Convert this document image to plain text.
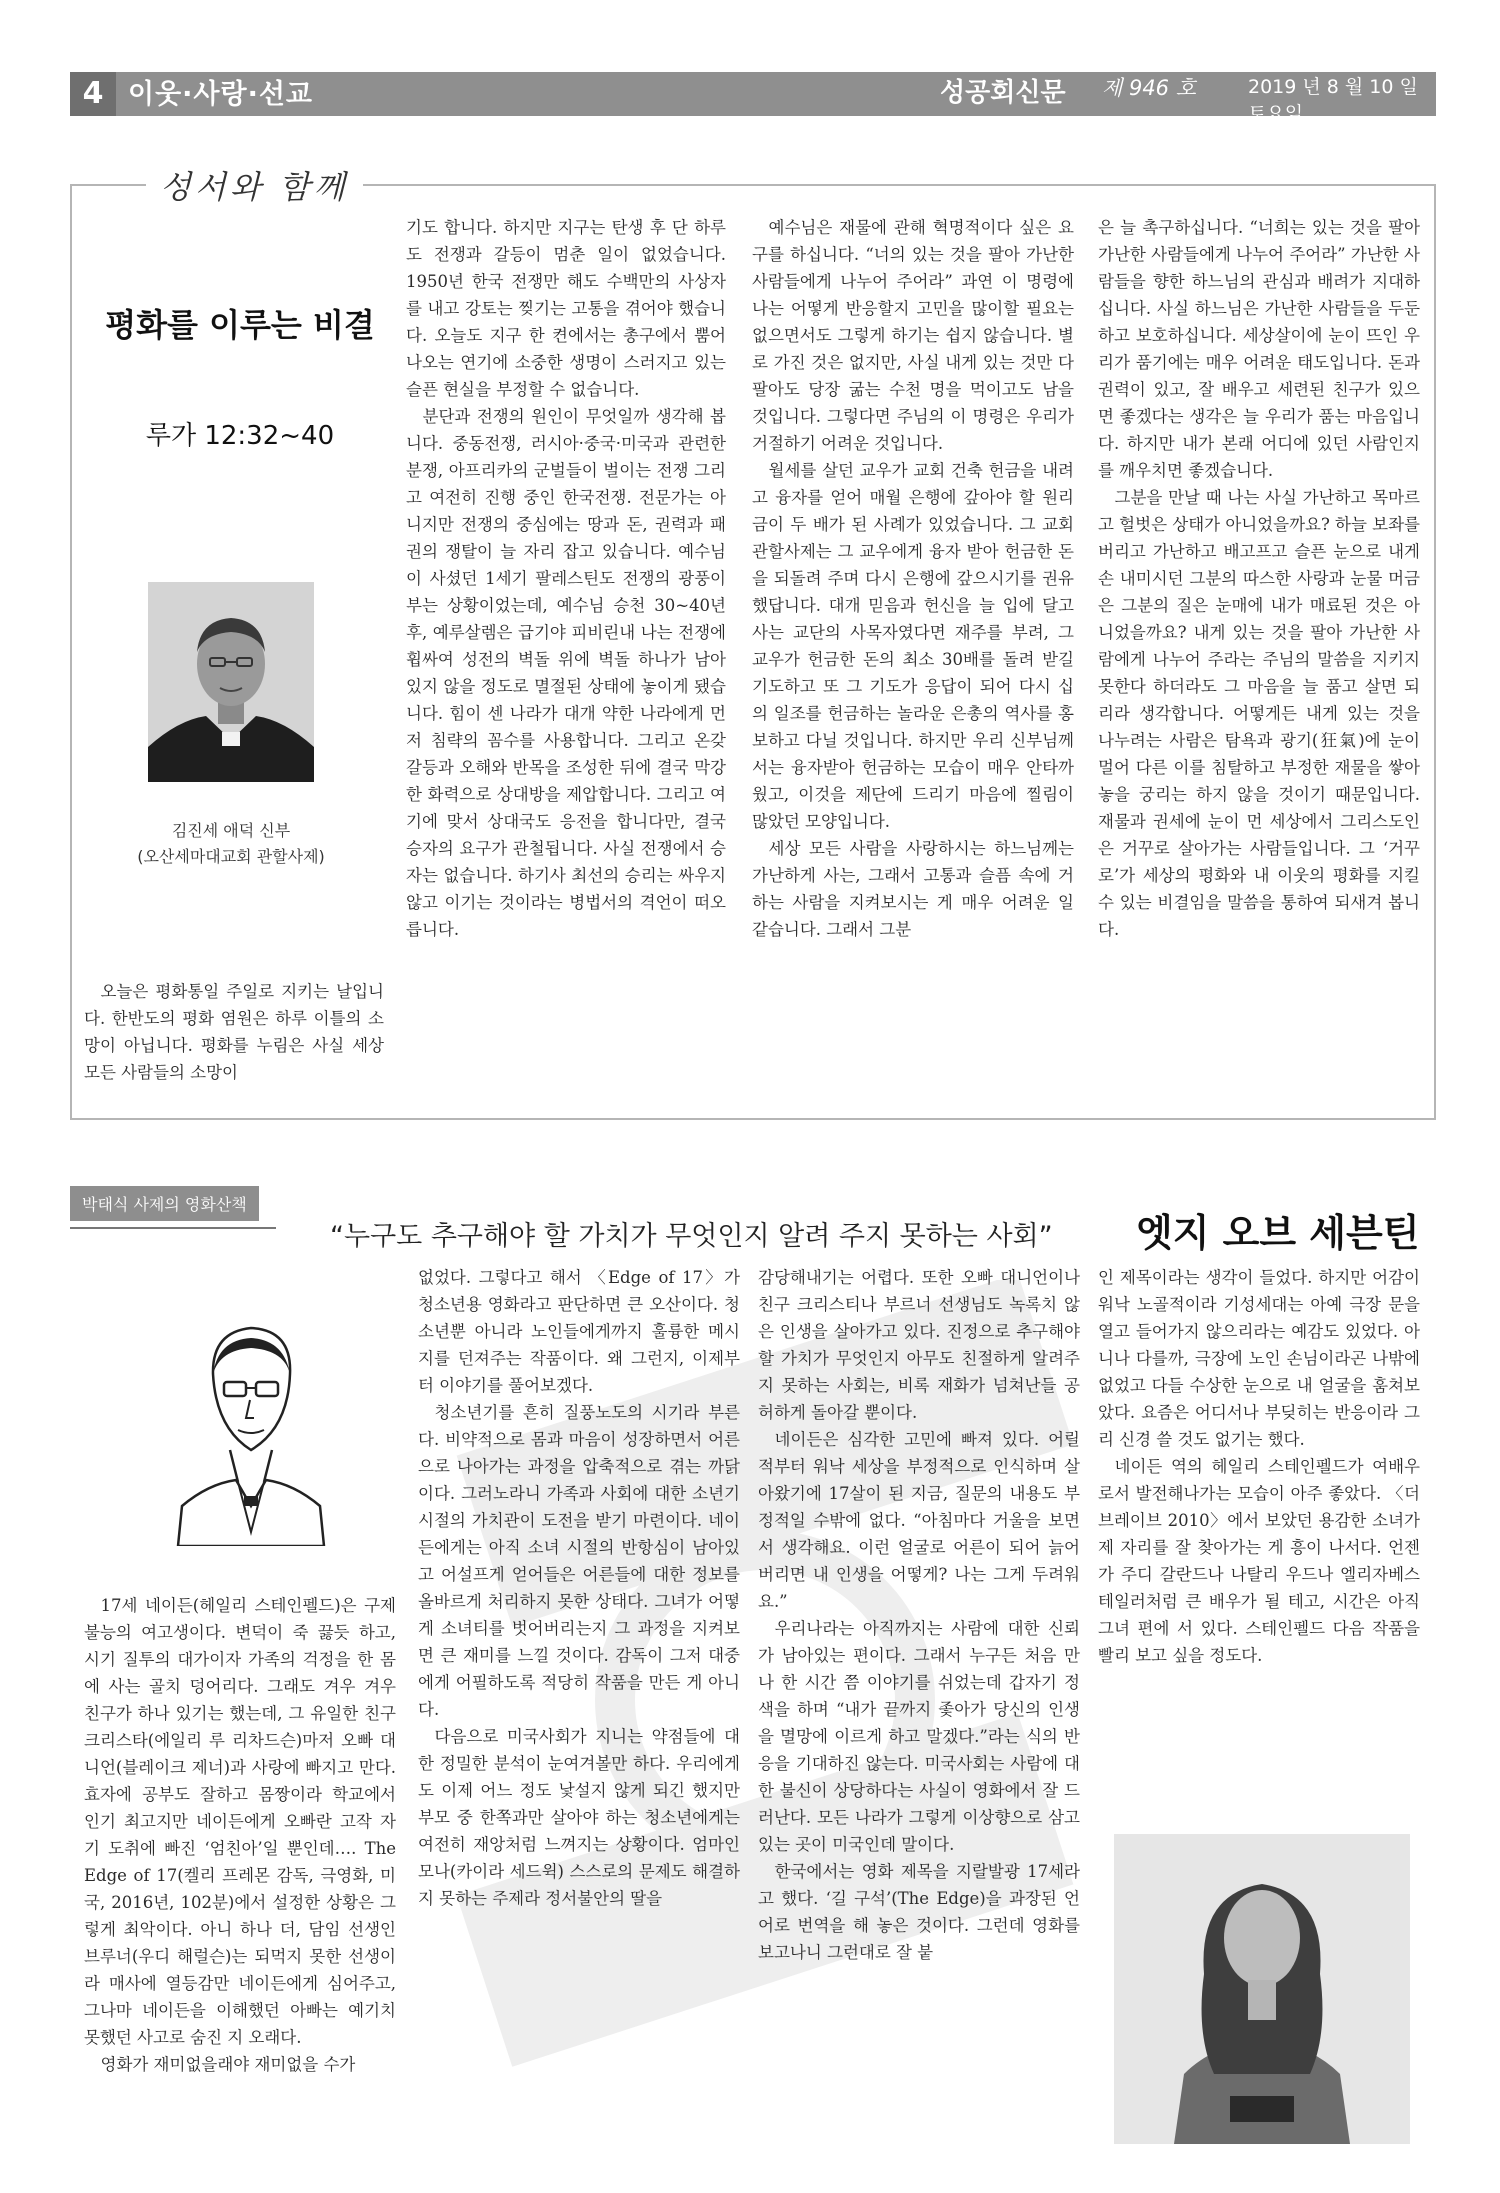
4 이웃·사랑·선교	성공회신문 제 946 호	2019 년 8 월 10 일 토요일
성서와 함께
평화를 이루는 비결
루가 12:32~40
김진세 애덕 신부
(오산세마대교회 관할사제)

오늘은 평화통일 주일로 지키는 날입니다. 한반도의 평화 염원은 하루 이틀의 소망이 아닙니다. 평화를 누림은 사실 세상 모든 사람들의 소망이

기도 합니다. 하지만 지구는 탄생 후 단 하루도 전쟁과 갈등이 멈춘 일이 없었습니다. 1950년 한국 전쟁만 해도 수백만의 사상자를 내고 강토는 찢기는 고통을 겪어야 했습니다. 오늘도 지구 한 켠에서는 총구에서 뿜어나오는 연기에 소중한 생명이 스러지고 있는 슬픈 현실을 부정할 수 없습니다.

분단과 전쟁의 원인이 무엇일까 생각해 봅니다. 중동전쟁, 러시아·중국·미국과 관련한 분쟁, 아프리카의 군벌들이 벌이는 전쟁 그리고 여전히 진행 중인 한국전쟁. 전문가는 아니지만 전쟁의 중심에는 땅과 돈, 권력과 패권의 쟁탈이 늘 자리 잡고 있습니다. 예수님이 사셨던 1세기 팔레스틴도 전쟁의 광풍이 부는 상황이었는데, 예수님 승천 30~40년 후, 예루살렘은 급기야 피비린내 나는 전쟁에 휩싸여 성전의 벽돌 위에 벽돌 하나가 남아 있지 않을 정도로 멸절된 상태에 놓이게 됐습니다. 힘이 센 나라가 대개 약한 나라에게 먼저 침략의 꼼수를 사용합니다. 그리고 온갖 갈등과 오해와 반목을 조성한 뒤에 결국 막강한 화력으로 상대방을 제압합니다. 그리고 여기에 맞서 상대국도 응전을 합니다만, 결국 승자의 요구가 관철됩니다. 사실 전쟁에서 승자는 없습니다. 하기사 최선의 승리는 싸우지 않고 이기는 것이라는 병법서의 격언이 떠오릅니다.

예수님은 재물에 관해 혁명적이다 싶은 요구를 하십니다. “너의 있는 것을 팔아 가난한 사람들에게 나누어 주어라” 과연 이 명령에 나는 어떻게 반응할지 고민을 많이할 필요는 없으면서도 그렇게 하기는 쉽지 않습니다. 별로 가진 것은 없지만, 사실 내게 있는 것만 다 팔아도 당장 굶는 수천 명을 먹이고도 남을 것입니다. 그렇다면 주님의 이 명령은 우리가 거절하기 어려운 것입니다.

월세를 살던 교우가 교회 건축 헌금을 내려고 융자를 얻어 매월 은행에 갚아야 할 원리금이 두 배가 된 사례가 있었습니다. 그 교회 관할사제는 그 교우에게 융자 받아 헌금한 돈을 되돌려 주며 다시 은행에 갚으시기를 권유했답니다. 대개 믿음과 헌신을 늘 입에 달고 사는 교단의 사목자였다면 재주를 부려, 그 교우가 헌금한 돈의 최소 30배를 돌려 받길 기도하고 또 그 기도가 응답이 되어 다시 십의 일조를 헌금하는 놀라운 은총의 역사를 홍보하고 다닐 것입니다. 하지만 우리 신부님께서는 융자받아 헌금하는 모습이 매우 안타까웠고, 이것을 제단에 드리기 마음에 찔림이 많았던 모양입니다.

세상 모든 사람을 사랑하시는 하느님께는 가난하게 사는, 그래서 고통과 슬픔 속에 거하는 사람을 지켜보시는 게 매우 어려운 일 같습니다. 그래서 그분

은 늘 촉구하십니다. “너희는 있는 것을 팔아 가난한 사람들에게 나누어 주어라” 가난한 사람들을 향한 하느님의 관심과 배려가 지대하십니다. 사실 하느님은 가난한 사람들을 두둔하고 보호하십니다. 세상살이에 눈이 뜨인 우리가 품기에는 매우 어려운 태도입니다. 돈과 권력이 있고, 잘 배우고 세련된 친구가 있으면 좋겠다는 생각은 늘 우리가 품는 마음입니다. 하지만 내가 본래 어디에 있던 사람인지를 깨우치면 좋겠습니다.

그분을 만날 때 나는 사실 가난하고 목마르고 헐벗은 상태가 아니었을까요? 하늘 보좌를 버리고 가난하고 배고프고 슬픈 눈으로 내게 손 내미시던 그분의 따스한 사랑과 눈물 머금은 그분의 질은 눈매에 내가 매료된 것은 아니었을까요? 내게 있는 것을 팔아 가난한 사람에게 나누어 주라는 주님의 말씀을 지키지 못한다 하더라도 그 마음을 늘 품고 살면 되리라 생각합니다. 어떻게든 내게 있는 것을 나누려는 사람은 탐욕과 광기(狂氣)에 눈이 멀어 다른 이를 침탈하고 부정한 재물을 쌓아 놓을 궁리는 하지 않을 것이기 때문입니다. 재물과 권세에 눈이 먼 세상에서 그리스도인은 거꾸로 살아가는 사람들입니다. 그 ‘거꾸로’가 세상의 평화와 내 이웃의 평화를 지킬 수 있는 비결임을 말씀을 통하여 되새겨 봅니다.

박태식 사제의 영화산책
“누구도 추구해야 할 가치가 무엇인지 알려 주지 못하는 사회” 엣지 오브 세븐틴

17세 네이든(헤일리 스테인펠드)은 구제불능의 여고생이다. 변덕이 죽 끓듯 하고, 시기 질투의 대가이자 가족의 걱정을 한 몸에 사는 골치 덩어리다. 그래도 겨우 겨우 친구가 하나 있기는 했는데, 그 유일한 친구 크리스타(에일리 루 리차드슨)마저 오빠 대니언(블레이크 제너)과 사랑에 빠지고 만다. 효자에 공부도 잘하고 몸짱이라 학교에서 인기 최고지만 네이든에게 오빠란 고작 자기 도취에 빠진 ‘엄친아’일 뿐인데…. The Edge of 17(켈리 프레몬 감독, 극영화, 미국, 2016년, 102분)에서 설정한 상황은 그렇게 최악이다. 아니 하나 더, 담임 선생인 브루너(우디 해럴슨)는 되먹지 못한 선생이라 매사에 열등감만 네이든에게 심어주고, 그나마 네이든을 이해했던 아빠는 예기치 못했던 사고로 숨진 지 오래다.

영화가 재미없을래야 재미없을 수가

없었다. 그렇다고 해서 〈Edge of 17〉가 청소년용 영화라고 판단하면 큰 오산이다. 청소년뿐 아니라 노인들에게까지 훌륭한 메시지를 던져주는 작품이다. 왜 그런지, 이제부터 이야기를 풀어보겠다.

청소년기를 흔히 질풍노도의 시기라 부른다. 비약적으로 몸과 마음이 성장하면서 어른으로 나아가는 과정을 압축적으로 겪는 까닭이다. 그러노라니 가족과 사회에 대한 소년기 시절의 가치관이 도전을 받기 마련이다. 네이든에게는 아직 소녀 시절의 반항심이 남아있고 어설프게 얻어들은 어른들에 대한 정보를 올바르게 처리하지 못한 상태다. 그녀가 어떻게 소녀티를 벗어버리는지 그 과정을 지켜보면 큰 재미를 느낄 것이다. 감독이 그저 대중에게 어필하도록 적당히 작품을 만든 게 아니다.

다음으로 미국사회가 지니는 약점들에 대한 정밀한 분석이 눈여겨볼만 하다. 우리에게도 이제 어느 정도 낯설지 않게 되긴 했지만 부모 중 한쪽과만 살아야 하는 청소년에게는 여전히 재앙처럼 느껴지는 상황이다. 엄마인 모나(카이라 세드윅) 스스로의 문제도 해결하지 못하는 주제라 정서불안의 딸을

감당해내기는 어렵다. 또한 오빠 대니언이나 친구 크리스티나 부르너 선생님도 녹록치 않은 인생을 살아가고 있다. 진정으로 추구해야 할 가치가 무엇인지 아무도 친절하게 알려주지 못하는 사회는, 비록 재화가 넘쳐난들 공허하게 돌아갈 뿐이다.

네이든은 심각한 고민에 빠져 있다. 어릴 적부터 워낙 세상을 부정적으로 인식하며 살아왔기에 17살이 된 지금, 질문의 내용도 부정적일 수밖에 없다. “아침마다 거울을 보면서 생각해요. 이런 얼굴로 어른이 되어 늙어버리면 내 인생을 어떻게? 나는 그게 두려워요.”

우리나라는 아직까지는 사람에 대한 신뢰가 남아있는 편이다. 그래서 누구든 처음 만나 한 시간 쯤 이야기를 쉬었는데 갑자기 정색을 하며 “내가 끝까지 좇아가 당신의 인생을 멸망에 이르게 하고 말겠다.”라는 식의 반응을 기대하진 않는다. 미국사회는 사람에 대한 불신이 상당하다는 사실이 영화에서 잘 드러난다. 모든 나라가 그렇게 이상향으로 삼고 있는 곳이 미국인데 말이다.

한국에서는 영화 제목을 지랄발광 17세라고 했다. ‘길 구석’(The Edge)을 과장된 언어로 번역을 해 놓은 것이다. 그런데 영화를 보고나니 그런대로 잘 붙

인 제목이라는 생각이 들었다. 하지만 어감이 워낙 노골적이라 기성세대는 아예 극장 문을 열고 들어가지 않으리라는 예감도 있었다. 아니나 다를까, 극장에 노인 손님이라곤 나밖에 없었고 다들 수상한 눈으로 내 얼굴을 훔쳐보았다. 요즘은 어디서나 부딪히는 반응이라 그리 신경 쓸 것도 없기는 했다.

네이든 역의 헤일리 스테인펠드가 여배우로서 발전해나가는 모습이 아주 좋았다. 〈더 브레이브 2010〉에서 보았던 용감한 소녀가 제 자리를 잘 찾아가는 게 흥이 나서다. 언젠가 주디 갈란드나 나탈리 우드나 엘리자베스 테일러처럼 큰 배우가 될 테고, 시간은 아직 그녀 편에 서 있다. 스테인펠드 다음 작품을 빨리 보고 싶을 정도다.
